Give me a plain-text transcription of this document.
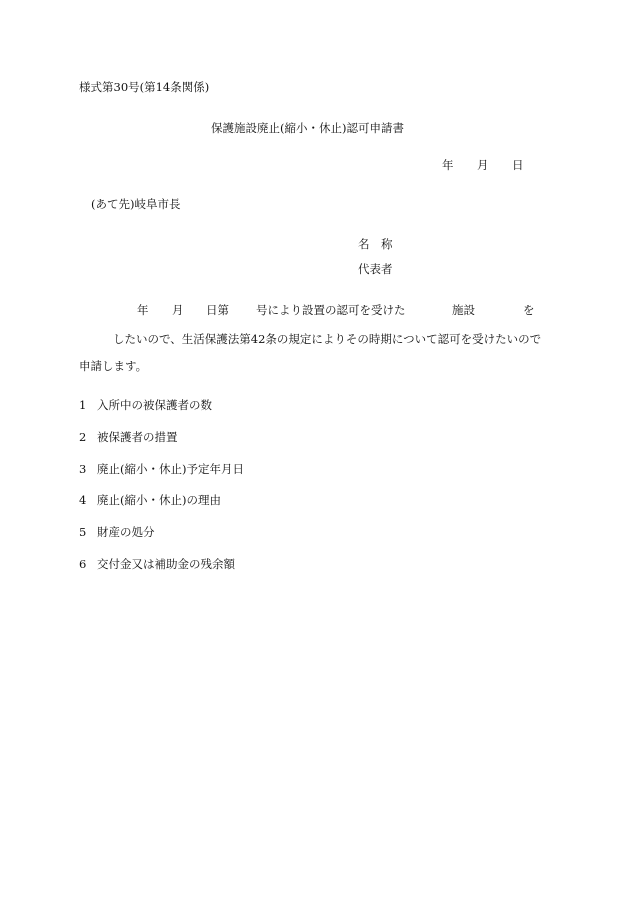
様式第30号(第14条関係)
保護施設廃止(縮小・休止)認可申請書
年 月 日
(あて先)岐阜市長
名　称
代表者
年 月 日第 号により設置の認可を受けた	施設	を
したいので、生活保護法第42条の規定によりその時期について認可を受けたいので
申請します。
1 入所中の被保護者の数
2 被保護者の措置
3 廃止(縮小・休止)予定年月日
4 廃止(縮小・休止)の理由
5 財産の処分
6 交付金又は補助金の残余額
